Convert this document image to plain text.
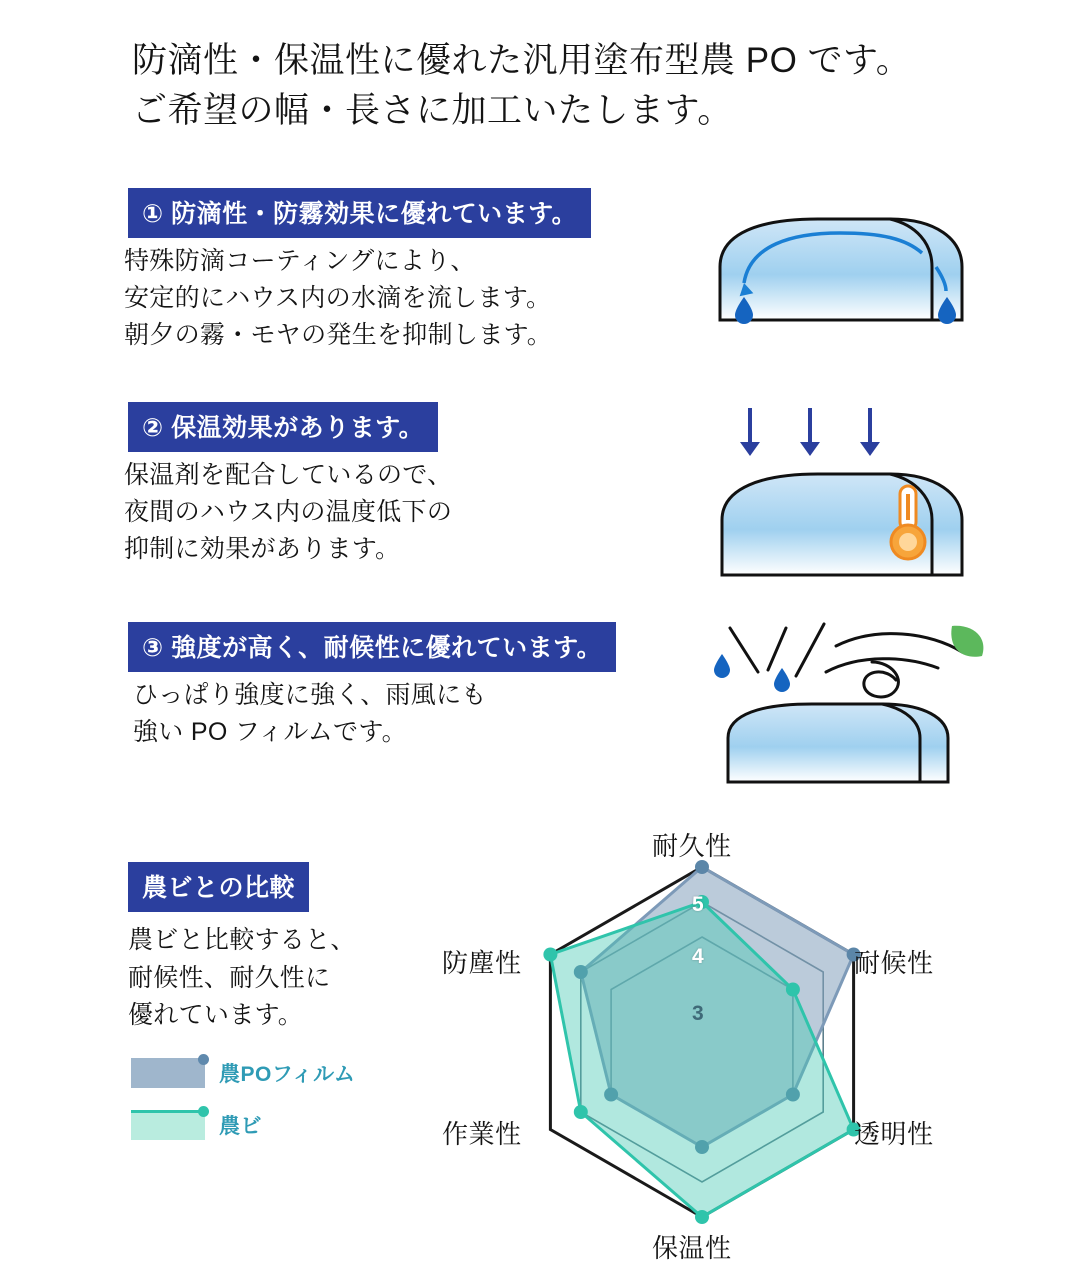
防滴性・保温性に優れた汎用塗布型農 PO です。
ご希望の幅・長さに加工いたします。
① 防滴性・防霧効果に優れています。
特殊防滴コーティングにより、
安定的にハウス内の水滴を流します。
朝夕の霧・モヤの発生を抑制します。
② 保温効果があります。
保温剤を配合しているので、
夜間のハウス内の温度低下の
抑制に効果があります。
③ 強度が高く、耐候性に優れています。
ひっぱり強度に強く、雨風にも
強い PO フィルムです。
農ビとの比較
農ビと比較すると、
耐候性、耐久性に
優れています。
農POフィルム
農ビ
耐久性
耐候性
透明性
保温性
作業性
防塵性
5
4
3
